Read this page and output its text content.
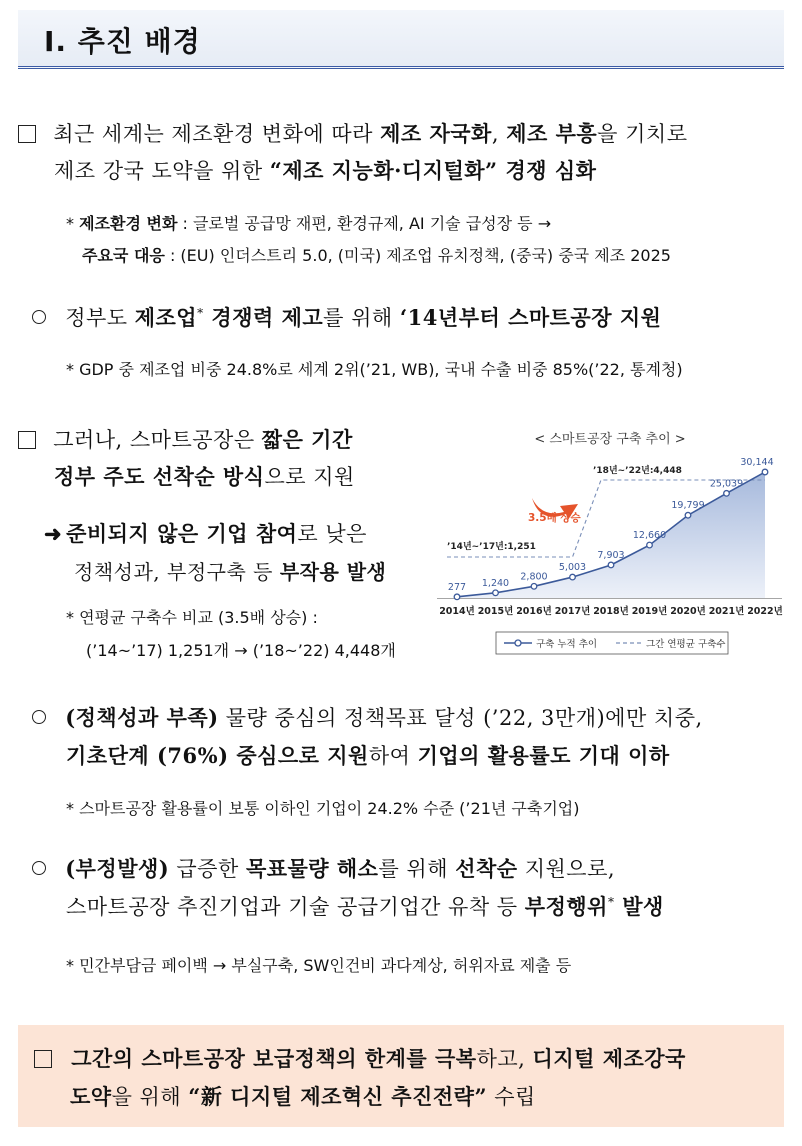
Ⅰ. 추진 배경
최근 세계는 제조환경 변화에 따라 제조 자국화, 제조 부흥을 기치로
제조 강국 도약을 위한 “제조 지능화·디지털화” 경쟁 심화
* 제조환경 변화 : 글로벌 공급망 재편, 환경규제, AI 기술 급성장 등 →
주요국 대응 : (EU) 인더스트리 5.0, (미국) 제조업 유치정책, (중국) 중국 제조 2025
정부도 제조업* 경쟁력 제고를 위해 ‘14년부터 스마트공장 지원
* GDP 중 제조업 비중 24.8%로 세계 2위(’21, WB), 국내 수출 비중 85%(’22, 통계청)
그러나, 스마트공장은 짧은 기간
정부 주도 선착순 방식으로 지원
➜ 준비되지 않은 기업 참여로 낮은
정책성과, 부정구축 등 부작용 발생
* 연평균 구축수 비교 (3.5배 상승) :
(’14~’17) 1,251개 → (’18~’22) 4,448개
< 스마트공장 구축 추이 >
’14년~’17년:1,251
’18년~’22년:4,448
3.5배 상승
277
2014년
1,240
2015년
2,800
2016년
5,003
2017년
7,903
2018년
12,660
2019년
19,799
2020년
25,039
2021년
30,144
2022년
구축 누적 추이	그간 연평균 구축수
(정책성과 부족) 물량 중심의 정책목표 달성 (’22, 3만개)에만 치중,
기초단계 (76%) 중심으로 지원하여 기업의 활용률도 기대 이하
* 스마트공장 활용률이 보통 이하인 기업이 24.2% 수준 (’21년 구축기업)
(부정발생) 급증한 목표물량 해소를 위해 선착순 지원으로,
스마트공장 추진기업과 기술 공급기업간 유착 등 부정행위* 발생
* 민간부담금 페이백 → 부실구축, SW인건비 과다계상, 허위자료 제출 등
그간의 스마트공장 보급정책의 한계를 극복하고, 디지털 제조강국
도약을 위해 “新 디지털 제조혁신 추진전략” 수립
